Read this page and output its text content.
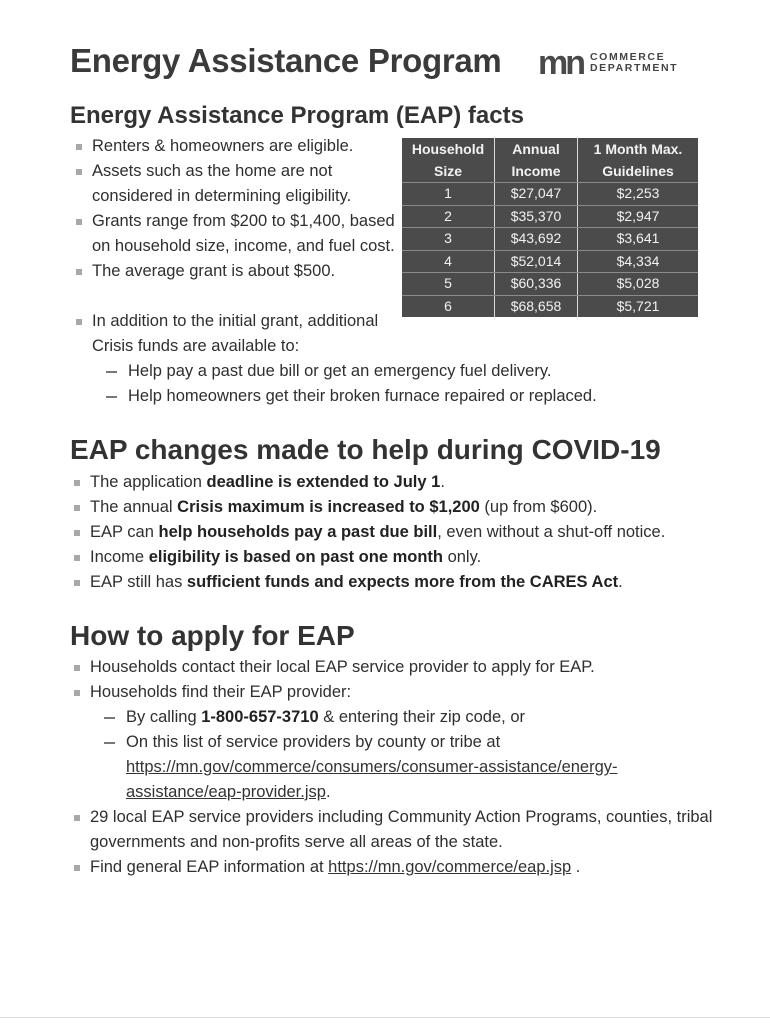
Energy Assistance Program mn COMMERCE
DEPARTMENT
Energy Assistance Program (EAP) facts
Renters & homeowners are eligible.
Assets such as the home are not considered in determining eligibility.
Grants range from $200 to $1,400, based on household size, income, and fuel cost.
The average grant is about $500.
In addition to the initial grant, additional Crisis funds are available to:
Help pay a past due bill or get an emergency fuel delivery.
Help homeowners get their broken furnace repaired or replaced.
Household Size	Annual Income	1 Month Max. Guidelines
1	$27,047	$2,253
2	$35,370	$2,947
3	$43,692	$3,641
4	$52,014	$4,334
5	$60,336	$5,028
6	$68,658	$5,721
EAP changes made to help during COVID-19
The application deadline is extended to July 1.
The annual Crisis maximum is increased to $1,200 (up from $600).
EAP can help households pay a past due bill, even without a shut-off notice.
Income eligibility is based on past one month only.
EAP still has sufficient funds and expects more from the CARES Act.
How to apply for EAP
Households contact their local EAP service provider to apply for EAP.
Households find their EAP provider:
By calling 1-800-657-3710 & entering their zip code, or
On this list of service providers by county or tribe at
https://mn.gov/commerce/consumers/consumer-assistance/energy-
assistance/eap-provider.jsp.
29 local EAP service providers including Community Action Programs, counties, tribal governments and non-profits serve all areas of the state.
Find general EAP information at https://mn.gov/commerce/eap.jsp .
